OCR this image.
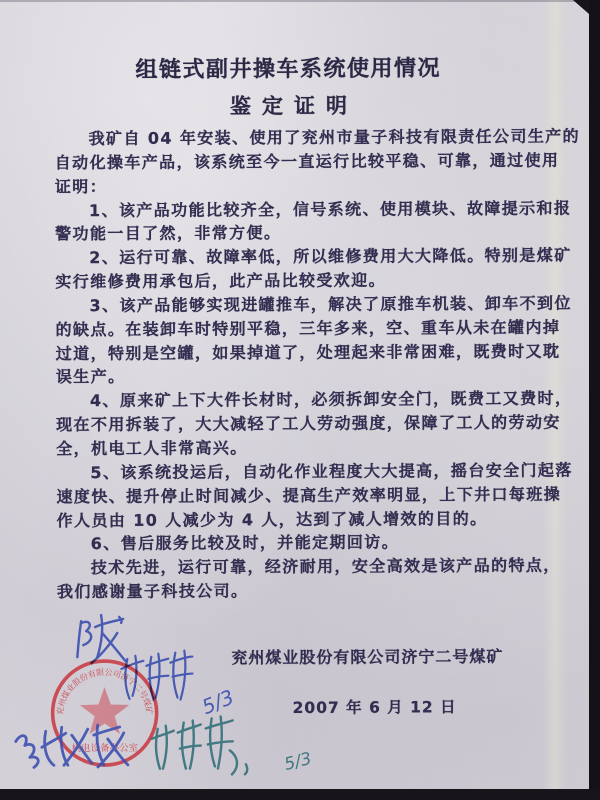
组链式副井操车系统使用情况
鉴定证明
我矿自 04 年安装、使用了兖州市量子科技有限责任公司生产的
自动化操车产品，该系统至今一直运行比较平稳、可靠，通过使用
证明：
1、该产品功能比较齐全，信号系统、使用模块、故障提示和报
警功能一目了然，非常方便。
2、运行可靠、故障率低，所以维修费用大大降低。特别是煤矿
实行维修费用承包后，此产品比较受欢迎。
3、该产品能够实现进罐推车，解决了原推车机装、卸车不到位
的缺点。在装卸车时特别平稳，三年多来，空、重车从未在罐内掉
过道，特别是空罐，如果掉道了，处理起来非常困难，既费时又耽
误生产。
4、原来矿上下大件长材时，必须拆卸安全门，既费工又费时，
现在不用拆装了，大大减轻了工人劳动强度，保障了工人的劳动安
全，机电工人非常高兴。
5、该系统投运后，自动化作业程度大大提高，摇台安全门起落
速度快、提升停止时间减少、提高生产效率明显，上下井口每班操
作人员由 10 人减少为 4 人，达到了减人增效的目的。
6、售后服务比较及时，并能定期回访。
技术先进，运行可靠，经济耐用，安全高效是该产品的特点，
我们感谢量子科技公司。
兖州煤业股份有限公司济宁二号煤矿
2007 年 6 月 12 日
5/3
兖州煤业股份有限公司济宁二号煤矿
机电设备办公室
5/3
